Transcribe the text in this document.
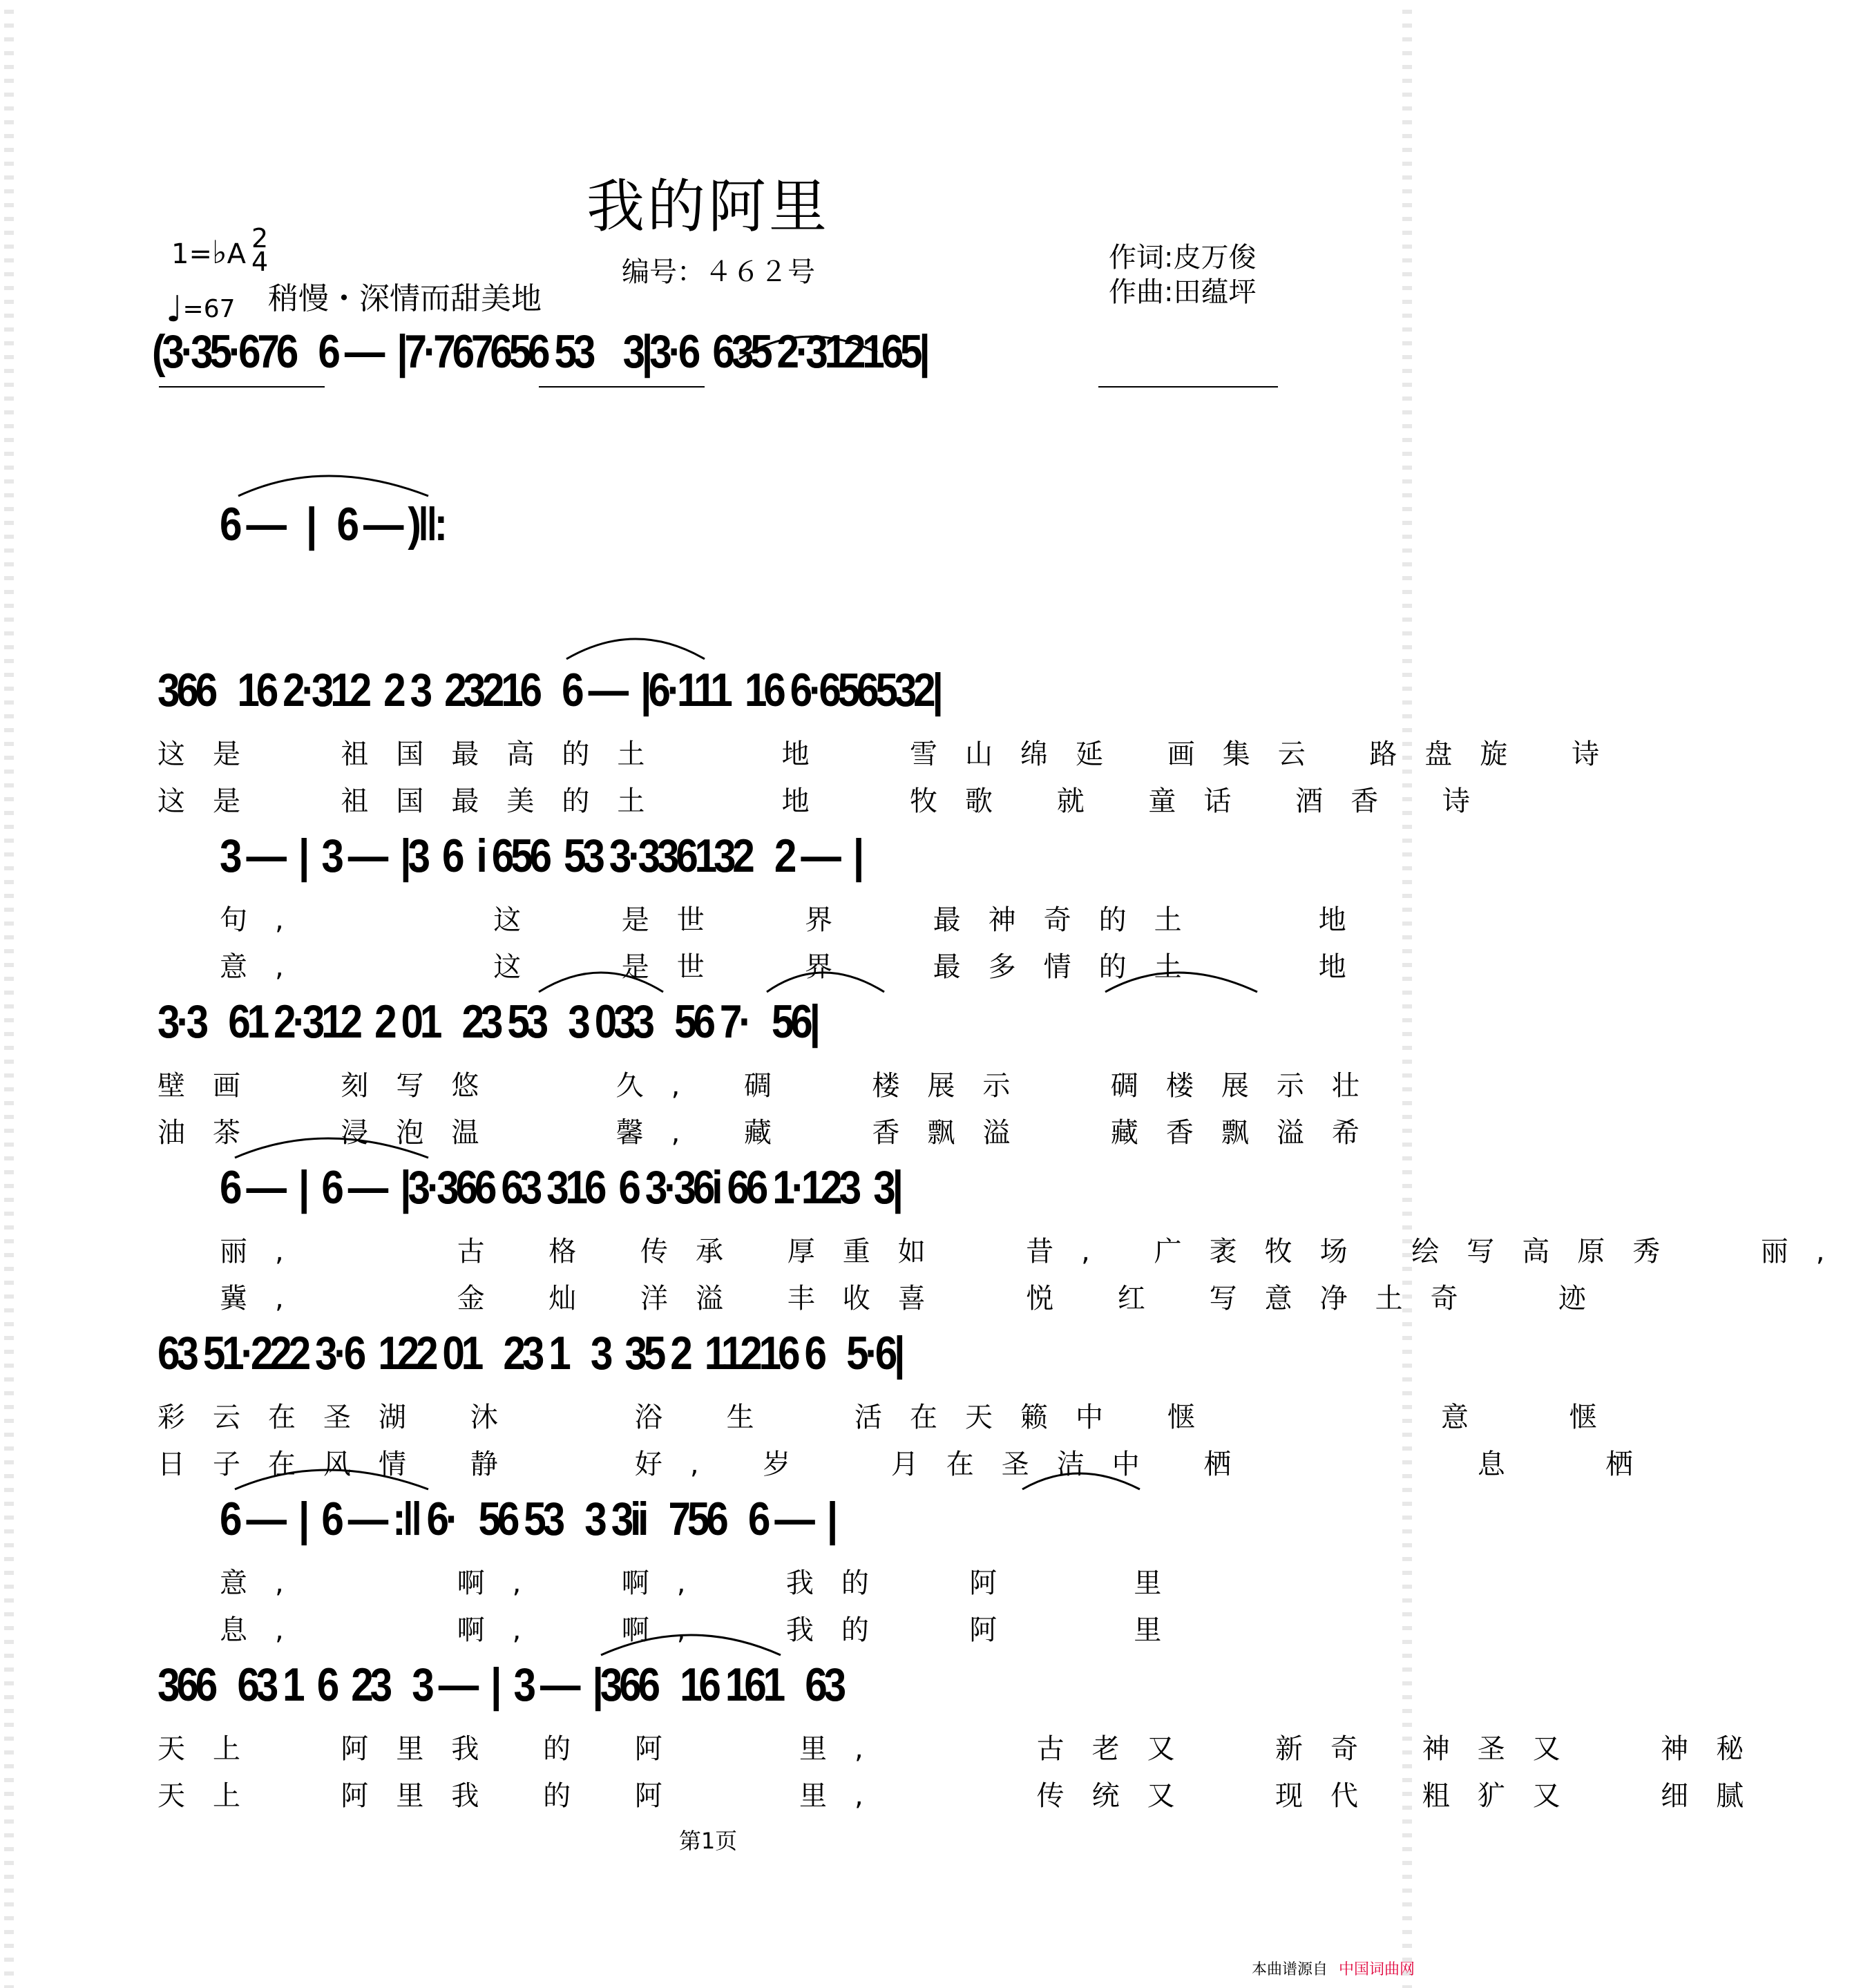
我的阿里
编号：４６２号	作词:皮万俊
作曲:田蕴坪
1=♭A 2
4
♩=67 稍慢・深情而甜美地
(3·35·676   6 —  |7·767656 53    3|3·6  635 2·312165|
6 —   |   6 — )‖:
366   16 2·312  2 3  23216   6 —  |6·111  16 6·656532|
这是  祖国最高的土   地  雪山绵延 画集云 路盘旋 诗
这是  祖国最美的土   地  牧歌 就 童话 酒香 诗
3 —  |  3 —  |3  6  i 656  53 3·336132   2 —  |
句,     这  是世  界  最神奇的土   地
意,     这  是世  界  最多情的土   地
3·3   61 2·312  2 01   23 53   3 033   56 7·   56|
壁画  刻写悠   久, 碉  楼展示  碉楼展示壮
油茶  浸泡温   馨, 藏  香飘溢  藏香飘溢希
6 —  |  6 —  |3·366 63 316  6 3·36i 66 1·123  3|
丽,    古 格 传承 厚重如  昔, 广袤牧场 绘写高原秀  丽,
冀,    金 灿 洋溢 丰收喜  悦 红 写意净土奇  迹
63 51·222 3·6  122 01   23 1   3  35 2  11216 6   5·6|
彩云在圣湖 沐   浴 生  活在天籁中 惬      意  惬
日子在风情 静   好, 岁  月在圣洁中 栖      息  栖
6 —  |  6 — :‖ 6·   56 53   3 3ii   756   6 —  |
意,    啊,  啊,  我的  阿   里
息,    啊,  啊,  我的  阿   里
366   63 1  6  23   3 —  |  3 —  |366   16 161   63
天上  阿里我 的 阿   里,    古老又  新奇 神圣又  神秘
天上  阿里我 的 阿   里,    传统又  现代 粗犷又  细腻
第1页
本曲谱源自 中国词曲网
